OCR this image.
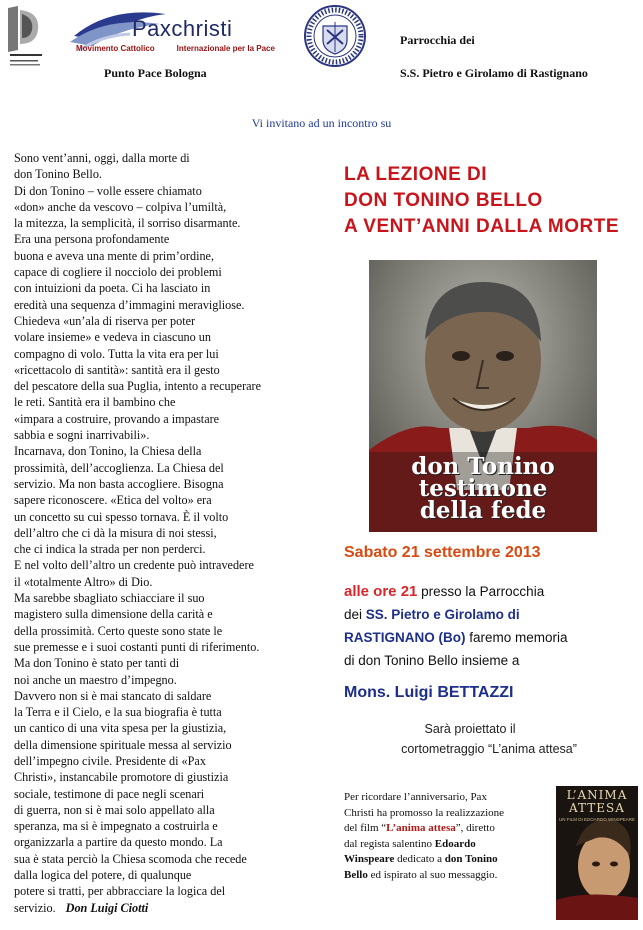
Paxchristi
Movimento Cattolico	Internazionale per la Pace
Punto Pace Bologna
Parrocchia dei
S.S. Pietro e Girolamo di Rastignano
Vi invitano ad un incontro su
Sono vent’anni, oggi, dalla morte di
don Tonino Bello.
Di don Tonino – volle essere chiamato
«don» anche da vescovo – colpiva l’umiltà,
la mitezza, la semplicità, il sorriso disarmante.
Era una persona profondamente
buona e aveva una mente di prim’ordine,
capace di cogliere il nocciolo dei problemi
con intuizioni da poeta. Ci ha lasciato in
eredità una sequenza d’immagini meravigliose.
Chiedeva «un’ala di riserva per poter
volare insieme» e vedeva in ciascuno un
compagno di volo. Tutta la vita era per lui
«ricettacolo di santità»: santità era il gesto
del pescatore della sua Puglia, intento a recuperare
le reti. Santità era il bambino che
«impara a costruire, provando a impastare
sabbia e sogni inarrivabili».
Incarnava, don Tonino, la Chiesa della
prossimità, dell’accoglienza. La Chiesa del
servizio. Ma non basta accogliere. Bisogna
sapere riconoscere. «Etica del volto» era
un concetto su cui spesso tornava. È il volto
dell’altro che ci dà la misura di noi stessi,
che ci indica la strada per non perderci.
E nel volto dell’altro un credente può intravedere
il «totalmente Altro» di Dio.
Ma sarebbe sbagliato schiacciare il suo
magistero sulla dimensione della carità e
della prossimità. Certo queste sono state le
sue premesse e i suoi costanti punti di riferimento.
Ma don Tonino è stato per tanti di
noi anche un maestro d’impegno.
Davvero non si è mai stancato di saldare
la Terra e il Cielo, e la sua biografia è tutta
un cantico di una vita spesa per la giustizia,
della dimensione spirituale messa al servizio
dell’impegno civile. Presidente di «Pax
Christi», instancabile promotore di giustizia
sociale, testimone di pace negli scenari
di guerra, non si è mai solo appellato alla
speranza, ma si è impegnato a costruirla e
organizzarla a partire da questo mondo. La
sua è stata perciò la Chiesa scomoda che recede
dalla logica del potere, di qualunque
potere si tratti, per abbracciare la logica del
servizio. Don Luigi Ciotti
LA LEZIONE DI
DON TONINO BELLO
A VENT’ANNI DALLA MORTE
don Tonino
testimone
della fede
Sabato 21 settembre 2013
alle ore 21 presso la Parrocchia
dei SS. Pietro e Girolamo di
RASTIGNANO (Bo) faremo memoria
di don Tonino Bello insieme a
Mons. Luigi BETTAZZI
Sarà proiettato il
cortometraggio “L’anima attesa”
Per ricordare l’anniversario, Pax
Christi ha promosso la realizzazione
del film “L’anima attesa”, diretto
dal regista salentino Edoardo
Winspeare dedicato a don Tonino
Bello ed ispirato al suo messaggio.
L’ANIMA
ATTESA
UN FILM DI EDOARDO WINSPEARE
